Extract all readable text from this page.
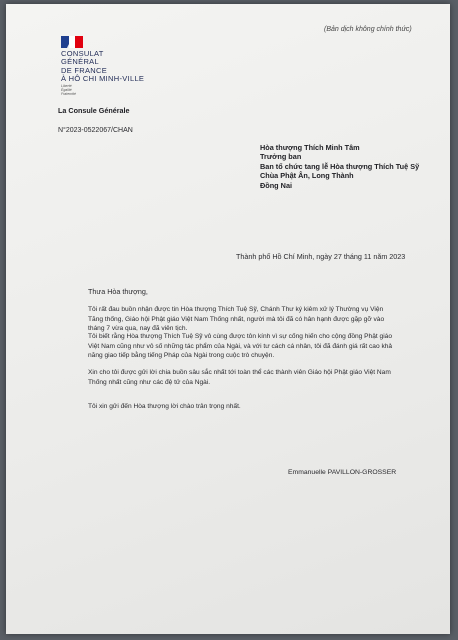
(Bản dịch không chính thức)
CONSULAT
GÉNÉRAL
DE FRANCE
À HÔ CHI MINH-VILLE
Liberté
Égalité
Fraternité
La Consule Générale
N°2023-0522067/CHAN
Hòa thượng Thích Minh Tâm
Trưởng ban
Ban tổ chức tang lễ Hòa thượng Thích Tuệ Sỹ
Chùa Phật Ân, Long Thành
Đồng Nai
Thành phố Hồ Chí Minh, ngày 27 tháng 11 năm 2023
Thưa Hòa thượng,
Tôi rất đau buồn nhận được tin Hòa thượng Thích Tuệ Sỹ, Chánh Thư ký kiêm xử lý Thường vụ Viện Tăng thống, Giáo hội Phật giáo Việt Nam Thống nhất, người mà tôi đã có hân hạnh được gặp gỡ vào tháng 7 vừa qua, nay đã viên tịch.
Tôi biết rằng Hòa thượng Thích Tuệ Sỹ vô cùng được tôn kính vì sự cống hiến cho cộng đồng Phật giáo Việt Nam cũng như vô số những tác phẩm của Ngài, và với tư cách cá nhân, tôi đã đánh giá rất cao khả năng giao tiếp bằng tiếng Pháp của Ngài trong cuộc trò chuyện.
Xin cho tôi được gửi lời chia buồn sâu sắc nhất tới toàn thể các thành viên Giáo hội Phật giáo Việt Nam Thống nhất cũng như các đệ tử của Ngài.
Tôi xin gửi đến Hòa thượng lời chào trân trọng nhất.
Emmanuelle PAVILLON-GROSSER
